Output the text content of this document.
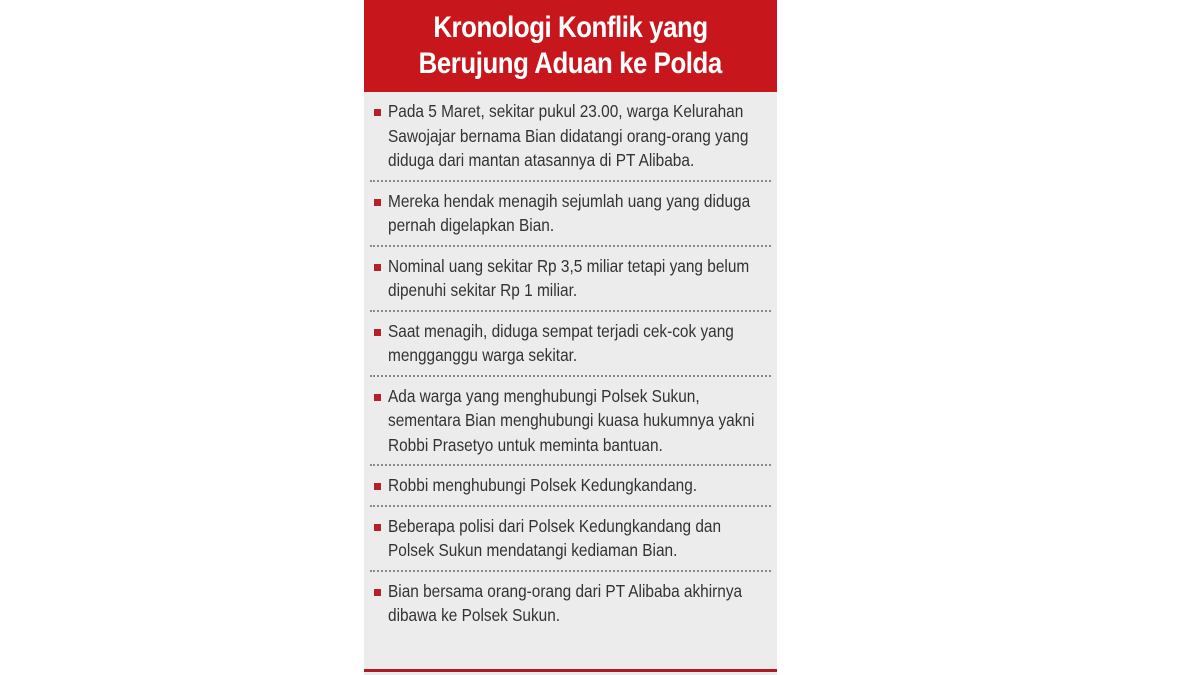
Kronologi Konflik yang
Berujung Aduan ke Polda
Pada 5 Maret, sekitar pukul 23.00, warga Kelurahan Sawojajar bernama Bian didatangi orang-orang yang diduga dari mantan atasannya di PT Alibaba.
Mereka hendak menagih sejumlah uang yang diduga pernah digelapkan Bian.
Nominal uang sekitar Rp 3,5 miliar tetapi yang belum dipenuhi sekitar Rp 1 miliar.
Saat menagih, diduga sempat terjadi cek-cok yang mengganggu warga sekitar.
Ada warga yang menghubungi Polsek Sukun, sementara Bian menghubungi kuasa hukumnya yakni Robbi Prasetyo untuk meminta bantuan.
Robbi menghubungi Polsek Kedungkandang.
Beberapa polisi dari Polsek Kedungkandang dan Polsek Sukun mendatangi kediaman Bian.
Bian bersama orang-orang dari PT Alibaba akhirnya dibawa ke Polsek Sukun.
